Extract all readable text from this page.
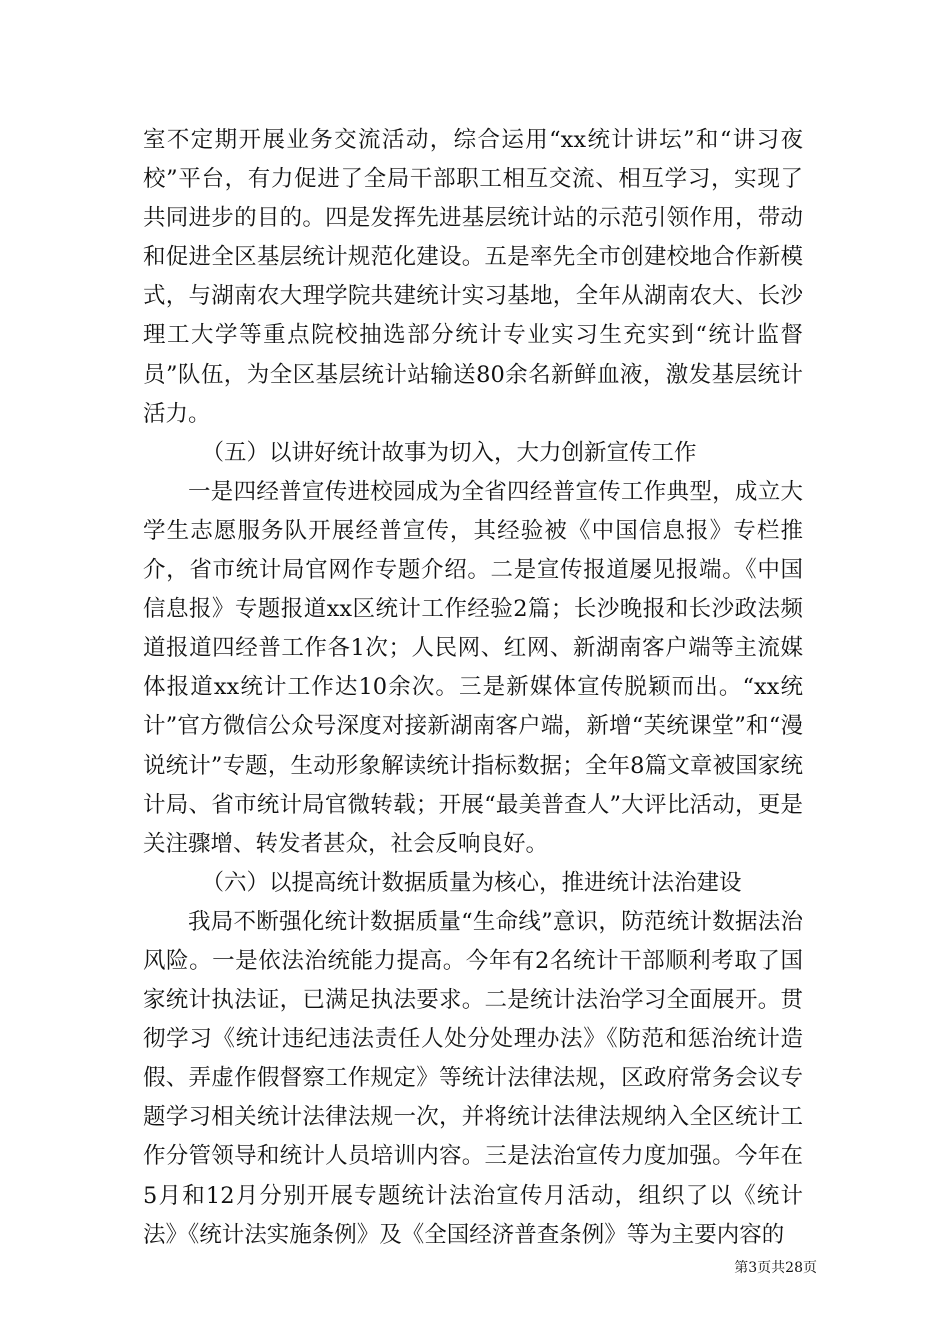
室不定期开展业务交流活动，综合运用“xx统计讲坛”和“讲习夜校”平台，有力促进了全局干部职工相互交流、相互学习，实现了共同进步的目的。四是发挥先进基层统计站的示范引领作用，带动和促进全区基层统计规范化建设。五是率先全市创建校地合作新模式，与湖南农大理学院共建统计实习基地，全年从湖南农大、长沙理工大学等重点院校抽选部分统计专业实习生充实到“统计监督员”队伍，为全区基层统计站输送80余名新鲜血液，激发基层统计活力。

（五）以讲好统计故事为切入，大力创新宣传工作

一是四经普宣传进校园成为全省四经普宣传工作典型，成立大学生志愿服务队开展经普宣传，其经验被《中国信息报》专栏推介，省市统计局官网作专题介绍。二是宣传报道屡见报端。《中国信息报》专题报道xx区统计工作经验2篇；长沙晚报和长沙政法频道报道四经普工作各1次；人民网、红网、新湖南客户端等主流媒体报道xx统计工作达10余次。三是新媒体宣传脱颖而出。“xx统计”官方微信公众号深度对接新湖南客户端，新增“芙统课堂”和“漫说统计”专题，生动形象解读统计指标数据；全年8篇文章被国家统计局、省市统计局官微转载；开展“最美普查人”大评比活动，更是关注骤增、转发者甚众，社会反响良好。

（六）以提高统计数据质量为核心，推进统计法治建设

我局不断强化统计数据质量“生命线”意识，防范统计数据法治风险。一是依法治统能力提高。今年有2名统计干部顺利考取了国家统计执法证，已满足执法要求。二是统计法治学习全面展开。贯彻学习《统计违纪违法责任人处分处理办法》《防范和惩治统计造假、弄虚作假督察工作规定》等统计法律法规，区政府常务会议专题学习相关统计法律法规一次，并将统计法律法规纳入全区统计工作分管领导和统计人员培训内容。三是法治宣传力度加强。今年在5月和12月分别开展专题统计法治宣传月活动，组织了以《统计法》《统计法实施条例》及《全国经济普查条例》等为主要内容的

第3页共28页
